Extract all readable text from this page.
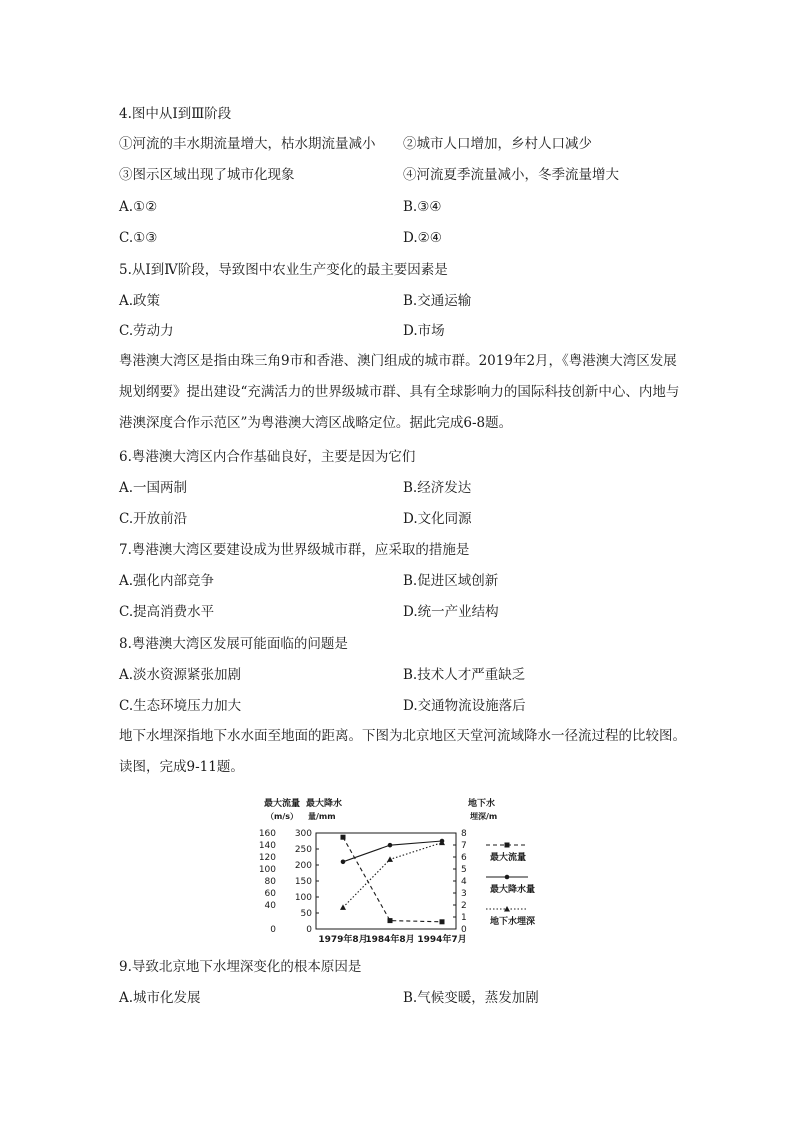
4.图中从Ⅰ到Ⅲ阶段
①河流的丰水期流量增大，枯水期流量减小 ②城市人口增加，乡村人口减少
③图示区域出现了城市化现象	④河流夏季流量减小，冬季流量增大
A.①②	B.③④
C.①③	D.②④
5.从Ⅰ到Ⅳ阶段，导致图中农业生产变化的最主要因素是
A.政策	B.交通运输
C.劳动力	D.市场
粤港澳大湾区是指由珠三角9市和香港、澳门组成的城市群。2019年2月，《粤港澳大湾区发展规划纲要》提出建设“充满活力的世界级城市群、具有全球影响力的国际科技创新中心、内地与港澳深度合作示范区”为粤港澳大湾区战略定位。据此完成6-8题。
6.粤港澳大湾区内合作基础良好，主要是因为它们
A.一国两制	B.经济发达
C.开放前沿	D.文化同源
7.粤港澳大湾区要建设成为世界级城市群，应采取的措施是
A.强化内部竞争	B.促进区域创新
C.提高消费水平	D.统一产业结构
8.粤港澳大湾区发展可能面临的问题是
A.淡水资源紧张加剧	B.技术人才严重缺乏
C.生态环境压力加大	D.交通物流设施落后
地下水埋深指地下水水面至地面的距离。下图为北京地区天堂河流域降水一径流过程的比较图。读图，完成9-11题。
最大流量
（m/s）
最大降水
量/mm
地下水
埋深/m
160
140
120
100
80
60
40
0
300
250
200
150
100
50
0
8
7
6
5
4
3
2
1
0
1979年8月
1984年8月 1994年7月
最大流量
最大降水量
地下水埋深
9.导致北京地下水埋深变化的根本原因是
A.城市化发展	B.气候变暖，蒸发加剧
